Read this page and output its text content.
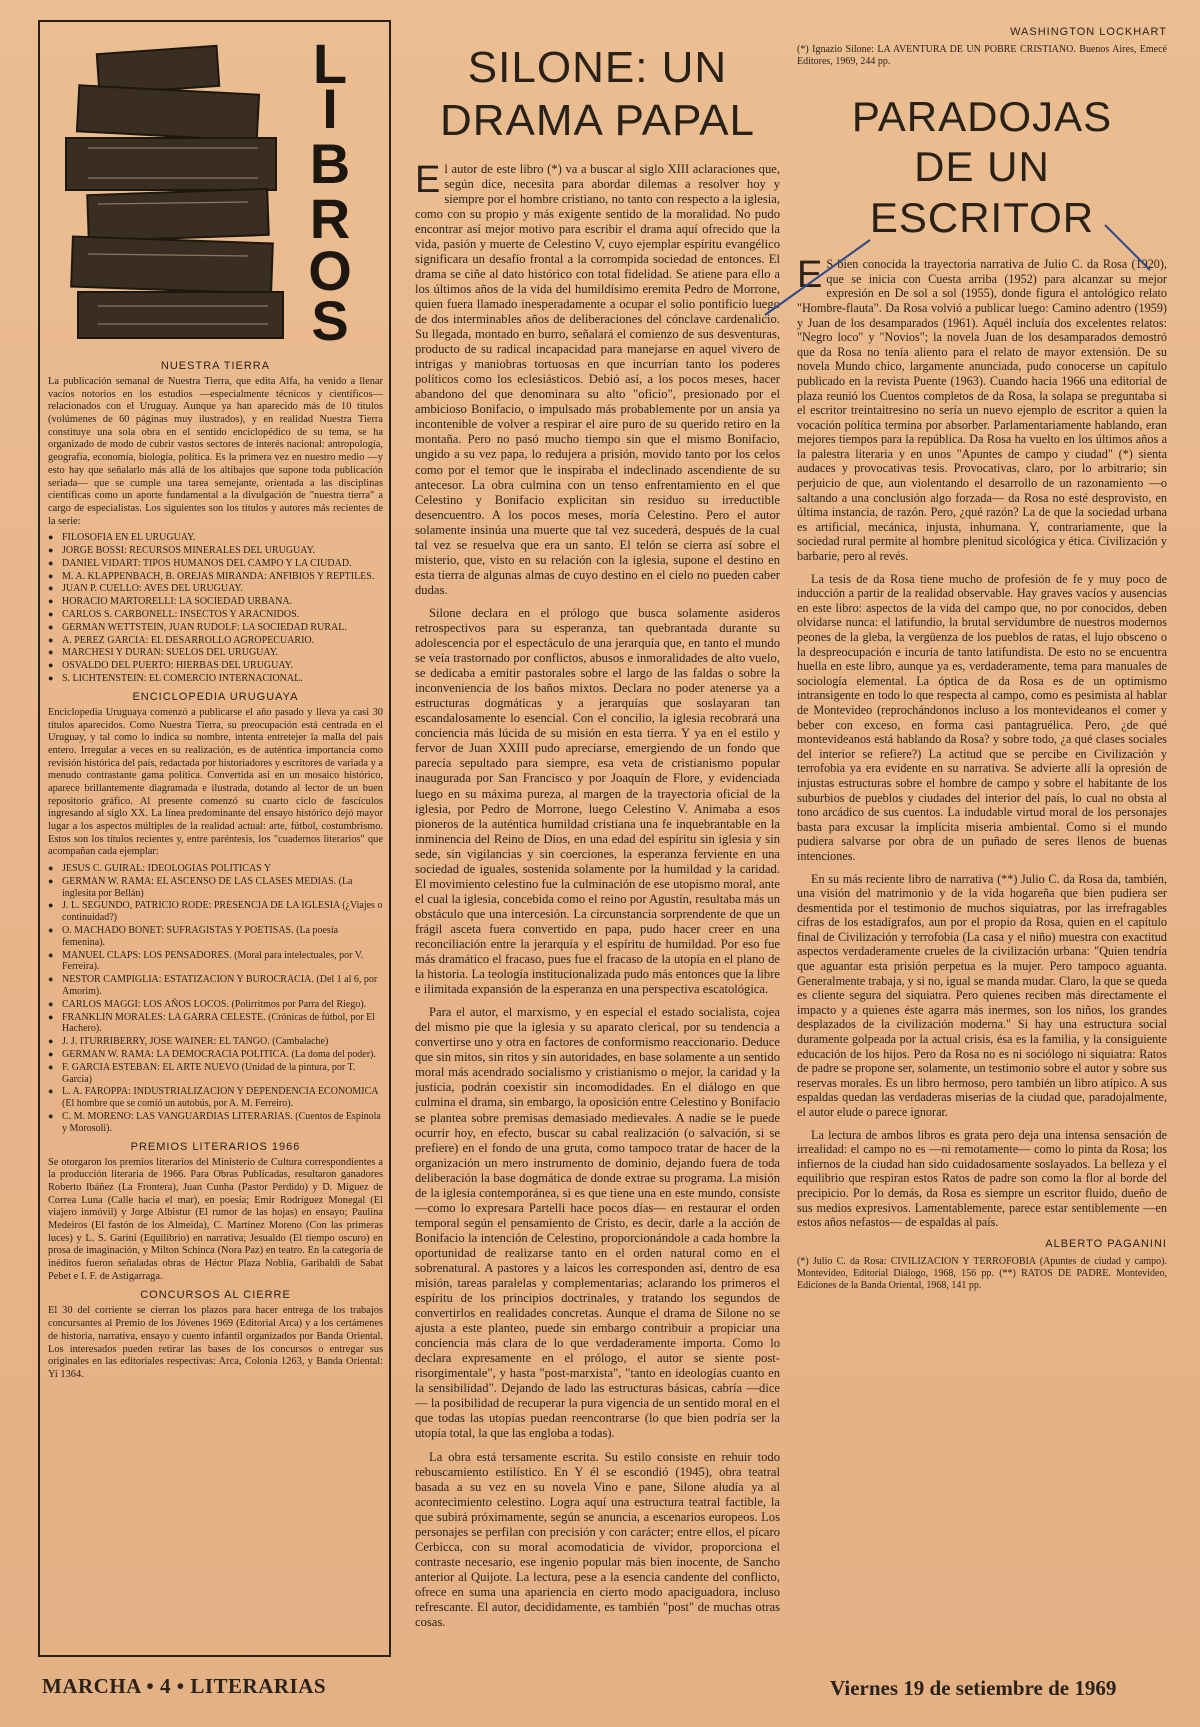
L
I
B
R
O
S
NUESTRA TIERRA

La publicación semanal de Nuestra Tierra, que edita Alfa, ha venido a llenar vacíos notorios en los estudios —especialmente técnicos y científicos— relacionados con el Uruguay. Aunque ya han aparecido más de 10 títulos (volúmenes de 60 páginas muy ilustrados), y en realidad Nuestra Tierra constituye una sola obra en el sentido enciclopédico de su tema, se ha organizado de modo de cubrir vastos sectores de interés nacional: antropología, geografía, economía, biología, política. Es la primera vez en nuestro medio —y esto hay que señalarlo más allá de los altibajos que supone toda publicación seriada— que se cumple una tarea semejante, orientada a las disciplinas científicas como un aporte fundamental a la divulgación de "nuestra tierra" a cargo de especialistas. Los siguientes son los títulos y autores más recientes de la serie:

● FILOSOFIA EN EL URUGUAY.
● JORGE BOSSI: RECURSOS MINERALES DEL URUGUAY.
● DANIEL VIDART: TIPOS HUMANOS DEL CAMPO Y LA CIUDAD.
● M. A. KLAPPENBACH, B. OREJAS MIRANDA: ANFIBIOS Y REPTILES.
● JUAN P. CUELLO: AVES DEL URUGUAY.
● HORACIO MARTORELLI: LA SOCIEDAD URBANA.
● CARLOS S. CARBONELL: INSECTOS Y ARACNIDOS.
● GERMAN WETTSTEIN, JUAN RUDOLF: LA SOCIEDAD RURAL.
● A. PEREZ GARCIA: EL DESARROLLO AGROPECUARIO.
● MARCHESI Y DURAN: SUELOS DEL URUGUAY.
● OSVALDO DEL PUERTO: HIERBAS DEL URUGUAY.
● S. LICHTENSTEIN: EL COMERCIO INTERNACIONAL.
ENCICLOPEDIA URUGUAYA

Enciclopedia Uruguaya comenzó a publicarse el año pasado y lleva ya casi 30 títulos aparecidos. Como Nuestra Tierra, su preocupación está centrada en el Uruguay, y tal como lo indica su nombre, intenta entretejer la malla del país entero. Irregular a veces en su realización, es de auténtica importancia como revisión histórica del país, redactada por historiadores y escritores de variada y a menudo contrastante gama política. Convertida así en un mosaico histórico, aparece brillantemente diagramada e ilustrada, dotando al lector de un buen repositorio gráfico. Al presente comenzó su cuarto ciclo de fascículos ingresando al siglo XX. La línea predominante del ensayo histórico dejó mayor lugar a los aspectos múltiples de la realidad actual: arte, fútbol, costumbrismo. Estos son los títulos recientes y, entre paréntesis, los "cuadernos literarios" que acompañan cada ejemplar:

● JESUS C. GUIRAL: IDEOLOGIAS POLITICAS Y
● GERMAN W. RAMA: EL ASCENSO DE LAS CLASES MEDIAS. (La inglesita por Bellán)
● J. L. SEGUNDO, PATRICIO RODE: PRESENCIA DE LA IGLESIA (¿Viajes o continuidad?)
● O. MACHADO BONET: SUFRAGISTAS Y POETISAS. (La poesía femenina).
● MANUEL CLAPS: LOS PENSADORES. (Moral para intelectuales, por V. Ferreira).
● NESTOR CAMPIGLIA: ESTATIZACION Y BUROCRACIA. (Del 1 al 6, por Amorim).
● CARLOS MAGGI: LOS AÑOS LOCOS. (Polirritmos por Parra del Riego).
● FRANKLIN MORALES: LA GARRA CELESTE. (Crónicas de fútbol, por El Hachero).
● J. J. ITURRIBERRY, JOSE WAINER: EL TANGO. (Cambalache)
● GERMAN W. RAMA: LA DEMOCRACIA POLITICA. (La doma del poder).
● F. GARCIA ESTEBAN: EL ARTE NUEVO (Unidad de la pintura, por T. García)
● L. A. FAROPPA: INDUSTRIALIZACION Y DEPENDENCIA ECONOMICA (El hombre que se comió un autobús, por A. M. Ferreiro).
● C. M. MORENO: LAS VANGUARDIAS LITERARIAS. (Cuentos de Espinola y Morosoli).
PREMIOS LITERARIOS 1966

Se otorgaron los premios literarios del Ministerio de Cultura correspondientes a la producción literaria de 1966. Para Obras Publicadas, resultaron ganadores Roberto Ibáñez (La Frontera), Juan Cunha (Pastor Perdido) y D. Míguez de Correa Luna (Calle hacia el mar), en poesía; Emir Rodríguez Monegal (El viajero inmóvil) y Jorge Albistur (El rumor de las hojas) en ensayo; Paulina Medeiros (El fastón de los Almeida), C. Martínez Moreno (Con las primeras luces) y L. S. Garini (Equilibrio) en narrativa; Jesualdo (El tiempo oscuro) en prosa de imaginación, y Milton Schinca (Nora Paz) en teatro. En la categoría de inéditos fueron señaladas obras de Héctor Plaza Noblía, Garibaldi de Sabat Pebet e I. F. de Astigarraga.

CONCURSOS AL CIERRE

El 30 del corriente se cierran los plazos para hacer entrega de los trabajos concursantes al Premio de los Jóvenes 1969 (Editorial Arca) y a los certámenes de historia, narrativa, ensayo y cuento infantil organizados por Banda Oriental. Los interesados pueden retirar las bases de los concursos o entregar sus originales en las editoriales respectivas: Arca, Colonia 1263, y Banda Oriental: Yi 1364.

SILONE: UN
DRAMA PAPAL

El autor de este libro (*) va a buscar al siglo XIII aclaraciones que, según dice, necesita para abordar dilemas a resolver hoy y siempre por el hombre cristiano, no tanto con respecto a la iglesia, como con su propio y más exigente sentido de la moralidad. No pudo encontrar así mejor motivo para escribir el drama aquí ofrecido que la vida, pasión y muerte de Celestino V, cuyo ejemplar espíritu evangélico significara un desafío frontal a la corrompida sociedad de entonces. El drama se ciñe al dato histórico con total fidelidad. Se atiene para ello a los últimos años de la vida del humildísimo eremita Pedro de Morrone, quien fuera llamado inesperadamente a ocupar el solio pontificio luego de dos interminables años de deliberaciones del cónclave cardenalicio. Su llegada, montado en burro, señalará el comienzo de sus desventuras, producto de su radical incapacidad para manejarse en aquel vivero de intrigas y maniobras tortuosas en que incurrían tanto los poderes políticos como los eclesiásticos. Debió así, a los pocos meses, hacer abandono del que denominara su alto "oficio", presionado por el ambicioso Bonifacio, o impulsado más probablemente por un ansia ya incontenible de volver a respirar el aire puro de su querido retiro en la montaña. Pero no pasó mucho tiempo sin que el mismo Bonifacio, ungido a su vez papa, lo redujera a prisión, movido tanto por los celos como por el temor que le inspiraba el indeclinado ascendiente de su antecesor. La obra culmina con un tenso enfrentamiento en el que Celestino y Bonifacio explicitan sin residuo su irreductible desencuentro. A los pocos meses, moría Celestino. Pero el autor solamente insinúa una muerte que tal vez sucederá, después de la cual tal vez se resuelva que era un santo. El telón se cierra así sobre el misterio, que, visto en su relación con la iglesia, supone el destino en esta tierra de algunas almas de cuyo destino en el cielo no pueden caber dudas.

Silone declara en el prólogo que busca solamente asideros retrospectivos para su esperanza, tan quebrantada durante su adolescencia por el espectáculo de una jerarquía que, en tanto el mundo se veía trastornado por conflictos, abusos e inmoralidades de alto vuelo, se dedicaba a emitir pastorales sobre el largo de las faldas o sobre la inconveniencia de los baños mixtos. Declara no poder atenerse ya a estructuras dogmáticas y a jerarquías que soslayaran tan escandalosamente lo esencial. Con el concilio, la iglesia recobrará una conciencia más lúcida de su misión en esta tierra. Y ya en el estilo y fervor de Juan XXIII pudo apreciarse, emergiendo de un fondo que parecía sepultado para siempre, esa veta de cristianismo popular inaugurada por San Francisco y por Joaquín de Flore, y evidenciada luego en su máxima pureza, al margen de la trayectoria oficial de la iglesia, por Pedro de Morrone, luego Celestino V. Animaba a esos pioneros de la auténtica humildad cristiana una fe inquebrantable en la inminencia del Reino de Dios, en una edad del espíritu sin iglesia y sin sede, sin vigilancias y sin coerciones, la esperanza ferviente en una sociedad de iguales, sostenida solamente por la humildad y la caridad. El movimiento celestino fue la culminación de ese utopismo moral, ante el cual la iglesia, concebida como el reino por Agustín, resultaba más un obstáculo que una intercesión. La circunstancia sorprendente de que un frágil asceta fuera convertido en papa, pudo hacer creer en una reconciliación entre la jerarquía y el espíritu de humildad. Por eso fue más dramático el fracaso, pues fue el fracaso de la utopía en el plano de la historia. La teología institucionalizada pudo más entonces que la libre e ilimitada expansión de la esperanza en una perspectiva escatológica.

Para el autor, el marxismo, y en especial el estado socialista, cojea del mismo pie que la iglesia y su aparato clerical, por su tendencia a convertirse uno y otra en factores de conformismo reaccionario. Deduce que sin mitos, sin ritos y sin autoridades, en base solamente a un sentido moral más acendrado socialismo y cristianismo o mejor, la caridad y la justicia, podrán coexistir sin incomodidades. En el diálogo en que culmina el drama, sin embargo, la oposición entre Celestino y Bonifacio se plantea sobre premisas demasiado medievales. A nadie se le puede ocurrir hoy, en efecto, buscar su cabal realización (o salvación, si se prefiere) en el fondo de una gruta, como tampoco tratar de hacer de la organización un mero instrumento de dominio, dejando fuera de toda deliberación la base dogmática de donde extrae su programa. La misión de la iglesia contemporánea, si es que tiene una en este mundo, consiste —como lo expresara Partelli hace pocos días— en restaurar el orden temporal según el pensamiento de Cristo, es decir, darle a la acción de Bonifacio la intención de Celestino, proporcionándole a cada hombre la oportunidad de realizarse tanto en el orden natural como en el sobrenatural. A pastores y a laicos les corresponden así, dentro de esa misión, tareas paralelas y complementarias; aclarando los primeros el espíritu de los principios doctrinales, y tratando los segundos de convertirlos en realidades concretas. Aunque el drama de Silone no se ajusta a este planteo, puede sin embargo contribuir a propiciar una conciencia más clara de lo que verdaderamente importa. Como lo declara expresamente en el prólogo, el autor se siente post-risorgimentale", y hasta "post-marxista", "tanto en ideologías cuanto en la sensibilidad". Dejando de lado las estructuras básicas, cabría —dice— la posibilidad de recuperar la pura vigencia de un sentido moral en el que todas las utopías puedan reencontrarse (lo que bien podría ser la utopía total, la que las engloba a todas).

La obra está tersamente escrita. Su estilo consiste en rehuir todo rebuscamiento estilístico. En Y él se escondió (1945), obra teatral basada a su vez en su novela Vino e pane, Silone aludía ya al acontecimiento celestino. Logra aquí una estructura teatral factible, la que subirá próximamente, según se anuncia, a escenarios europeos. Los personajes se perfilan con precisión y con carácter; entre ellos, el pícaro Cerbicca, con su moral acomodaticia de vividor, proporciona el contraste necesario, ese ingenio popular más bien inocente, de Sancho anterior al Quijote. La lectura, pese a la esencia candente del conflicto, ofrece en suma una apariencia en cierto modo apaciguadora, incluso refrescante. El autor, decididamente, es también "post" de muchas otras cosas.

WASHINGTON LOCKHART

(*) Ignazio Silone: LA AVENTURA DE UN POBRE CRISTIANO. Buenos Aires, Emecé Editores, 1969, 244 pp.

PARADOJAS
DE UN ESCRITOR

E S bien conocida la trayectoria narrativa de Julio C. da Rosa (1920), que se inicia con Cuesta arriba (1952) para alcanzar su mejor expresión en De sol a sol (1955), donde figura el antológico relato "Hombre-flauta". Da Rosa volvió a publicar luego: Camino adentro (1959) y Juan de los desamparados (1961). Aquél incluía dos excelentes relatos: "Negro loco" y "Novios"; la novela Juan de los desamparados demostró que da Rosa no tenía aliento para el relato de mayor extensión. De su novela Mundo chico, largamente anunciada, pudo conocerse un capítulo publicado en la revista Puente (1963). Cuando hacia 1966 una editorial de plaza reunió los Cuentos completos de da Rosa, la solapa se preguntaba si el escritor treintaitresino no sería un nuevo ejemplo de escritor a quien la vocación política termina por absorber. Parlamentariamente hablando, eran mejores tiempos para la república. Da Rosa ha vuelto en los últimos años a la palestra literaria y en unos "Apuntes de campo y ciudad" (*) sienta audaces y provocativas tesis. Provocativas, claro, por lo arbitrario; sin perjuicio de que, aun violentando el desarrollo de un razonamiento —o saltando a una conclusión algo forzada— da Rosa no esté desprovisto, en última instancia, de razón. Pero, ¿qué razón? La de que la sociedad urbana es artificial, mecánica, injusta, inhumana. Y, contrariamente, que la sociedad rural permite al hombre plenitud sicológica y ética. Civilización y barbarie, pero al revés.

La tesis de da Rosa tiene mucho de profesión de fe y muy poco de inducción a partir de la realidad observable. Hay graves vacíos y ausencias en este libro: aspectos de la vida del campo que, no por conocidos, deben olvidarse nunca: el latifundio, la brutal servidumbre de nuestros modernos peones de la gleba, la vergüenza de los pueblos de ratas, el lujo obsceno o la despreocupación e incuria de tanto latifundista. De esto no se encuentra huella en este libro, aunque ya es, verdaderamente, tema para manuales de sociología elemental. La óptica de da Rosa es de un optimismo intransigente en todo lo que respecta al campo, como es pesimista al hablar de Montevideo (reprochándonos incluso a los montevideanos el comer y beber con exceso, en forma casi pantagruélica. Pero, ¿de qué montevideanos está hablando da Rosa? y sobre todo, ¿a qué clases sociales del interior se refiere?) La actitud que se percibe en Civilización y terrofobia ya era evidente en su narrativa. Se advierte allí la opresión de injustas estructuras sobre el hombre de campo y sobre el habitante de los suburbios de pueblos y ciudades del interior del país, lo cual no obsta al tono arcádico de sus cuentos. La indudable virtud moral de los personajes basta para excusar la implícita miseria ambiental. Como si el mundo pudiera salvarse por obra de un puñado de seres llenos de buenas intenciones.

En su más reciente libro de narrativa (**) Julio C. da Rosa da, también, una visión del matrimonio y de la vida hogareña que bien pudiera ser desmentida por el testimonio de muchos siquiatras, por las irrefragables cifras de los estadígrafos, aun por el propio da Rosa, quien en el capítulo final de Civilización y terrofobia (La casa y el niño) muestra con exactitud aspectos verdaderamente crueles de la civilización urbana: "Quien tendría que aguantar esta prisión perpetua es la mujer. Pero tampoco aguanta. Generalmente trabaja, y si no, igual se manda mudar. Claro, la que se queda es cliente segura del siquiatra. Pero quienes reciben más directamente el impacto y a quienes éste agarra más inermes, son los niños, los grandes desplazados de la civilización moderna." Si hay una estructura social duramente golpeada por la actual crisis, ésa es la familia, y la consiguiente educación de los hijos. Pero da Rosa no es ni sociólogo ni siquiatra: Ratos de padre se propone ser, solamente, un testimonio sobre el autor y sobre sus reservas morales. Es un libro hermoso, pero también un libro atípico. A sus espaldas quedan las verdaderas miserias de la ciudad que, paradojalmente, el autor elude o parece ignorar.

La lectura de ambos libros es grata pero deja una intensa sensación de irrealidad: el campo no es —ni remotamente— como lo pinta da Rosa; los infiernos de la ciudad han sido cuidadosamente soslayados. La belleza y el equilibrio que respiran estos Ratos de padre son como la flor al borde del precipicio. Por lo demás, da Rosa es siempre un escritor fluido, dueño de sus medios expresivos. Lamentablemente, parece estar sentiblemente —en estos años nefastos— de espaldas al país.

ALBERTO PAGANINI

(*) Julio C. da Rosa: CIVILIZACION Y TERROFOBIA (Apuntes de ciudad y campo). Montevideo, Editorial Diálogo, 1968, 156 pp. (**) RATOS DE PADRE. Montevideo, Ediciones de la Banda Oriental, 1968, 141 pp.

MARCHA • 4 • LITERARIAS	Viernes 19 de setiembre de 1969
